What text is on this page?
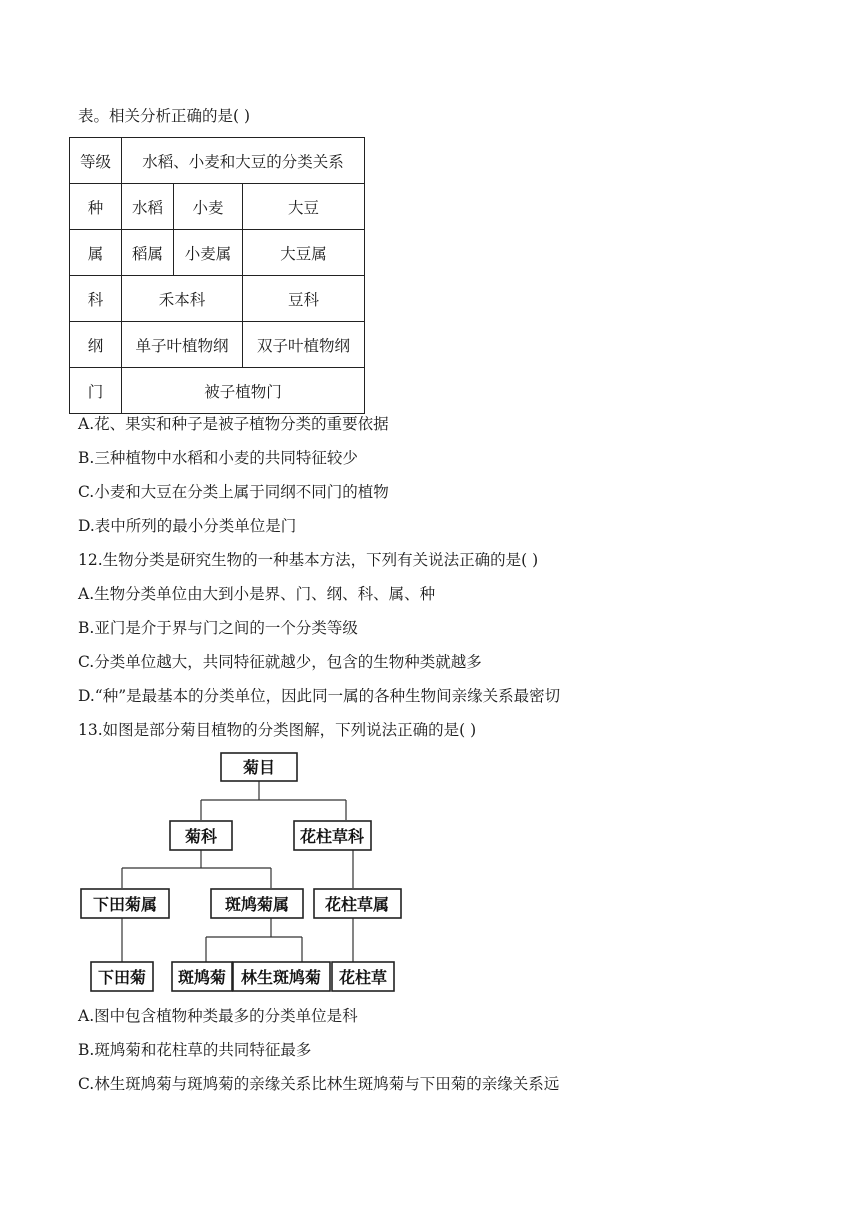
表。相关分析正确的是( )
等级	水稻、小麦和大豆的分类关系		
种	水稻	小麦	大豆
属	稻属	小麦属	大豆属
科	禾本科		豆科
纲	单子叶植物纲		双子叶植物纲
门	被子植物门		
A.花、果实和种子是被子植物分类的重要依据
B.三种植物中水稻和小麦的共同特征较少
C.小麦和大豆在分类上属于同纲不同门的植物
D.表中所列的最小分类单位是门
12.生物分类是研究生物的一种基本方法，下列有关说法正确的是( )
A.生物分类单位由大到小是界、门、纲、科、属、种
B.亚门是介于界与门之间的一个分类等级
C.分类单位越大，共同特征就越少，包含的生物种类就越多
D.“种”是最基本的分类单位，因此同一属的各种生物间亲缘关系最密切
13.如图是部分菊目植物的分类图解，下列说法正确的是( )
菊目
菊科	花柱草科
下田菊属	斑鸠菊属 花柱草属
下田菊 斑鸠菊 林生斑鸠菊 花柱草
A.图中包含植物种类最多的分类单位是科
B.斑鸠菊和花柱草的共同特征最多
C.林生斑鸠菊与斑鸠菊的亲缘关系比林生斑鸠菊与下田菊的亲缘关系远
